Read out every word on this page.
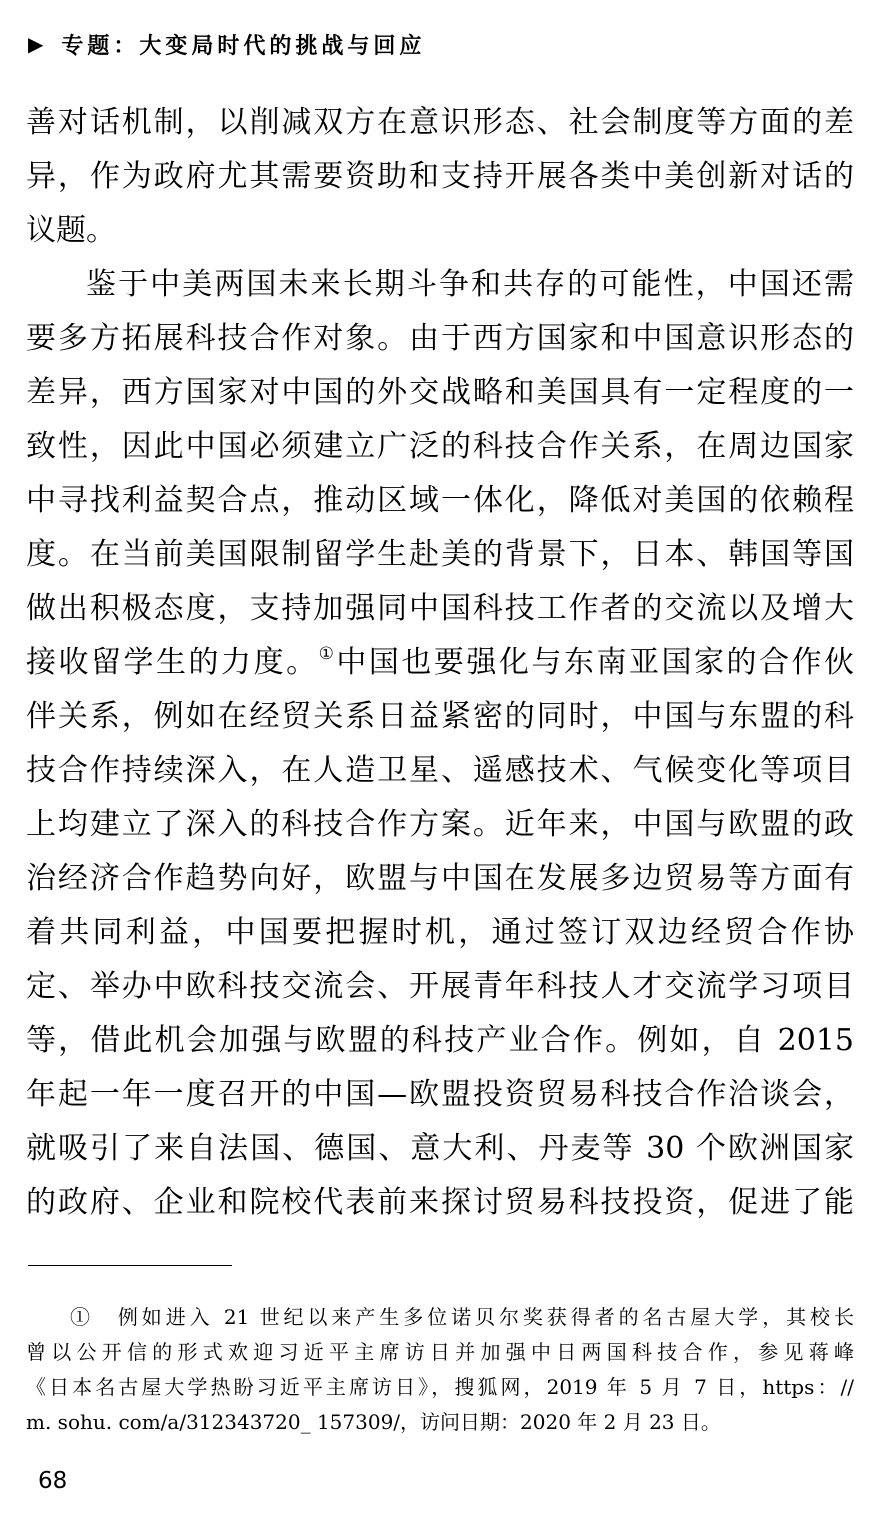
▶ 专题：大变局时代的挑战与回应
善对话机制，以削减双方在意识形态、社会制度等方面的差
异，作为政府尤其需要资助和支持开展各类中美创新对话的
议题。
鉴于中美两国未来长期斗争和共存的可能性，中国还需
要多方拓展科技合作对象。由于西方国家和中国意识形态的
差异，西方国家对中国的外交战略和美国具有一定程度的一
致性，因此中国必须建立广泛的科技合作关系，在周边国家
中寻找利益契合点，推动区域一体化，降低对美国的依赖程
度。在当前美国限制留学生赴美的背景下，日本、韩国等国
做出积极态度，支持加强同中国科技工作者的交流以及增大
接收留学生的力度。①中国也要强化与东南亚国家的合作伙
伴关系，例如在经贸关系日益紧密的同时，中国与东盟的科
技合作持续深入，在人造卫星、遥感技术、气候变化等项目
上均建立了深入的科技合作方案。近年来，中国与欧盟的政
治经济合作趋势向好，欧盟与中国在发展多边贸易等方面有
着共同利益，中国要把握时机，通过签订双边经贸合作协
定、举办中欧科技交流会、开展青年科技人才交流学习项目
等，借此机会加强与欧盟的科技产业合作。例如，自 2015
年起一年一度召开的中国—欧盟投资贸易科技合作洽谈会，
就吸引了来自法国、德国、意大利、丹麦等 30 个欧洲国家
的政府、企业和院校代表前来探讨贸易科技投资，促进了能
①　例如进入 21 世纪以来产生多位诺贝尔奖获得者的名古屋大学，其校长
曾以公开信的形式欢迎习近平主席访日并加强中日两国科技合作，参见蒋峰
《日本名古屋大学热盼习近平主席访日》，搜狐网，2019 年 5 月 7 日，https：//
m. sohu. com/a/312343720_ 157309/，访问日期：2020 年 2 月 23 日。
68
